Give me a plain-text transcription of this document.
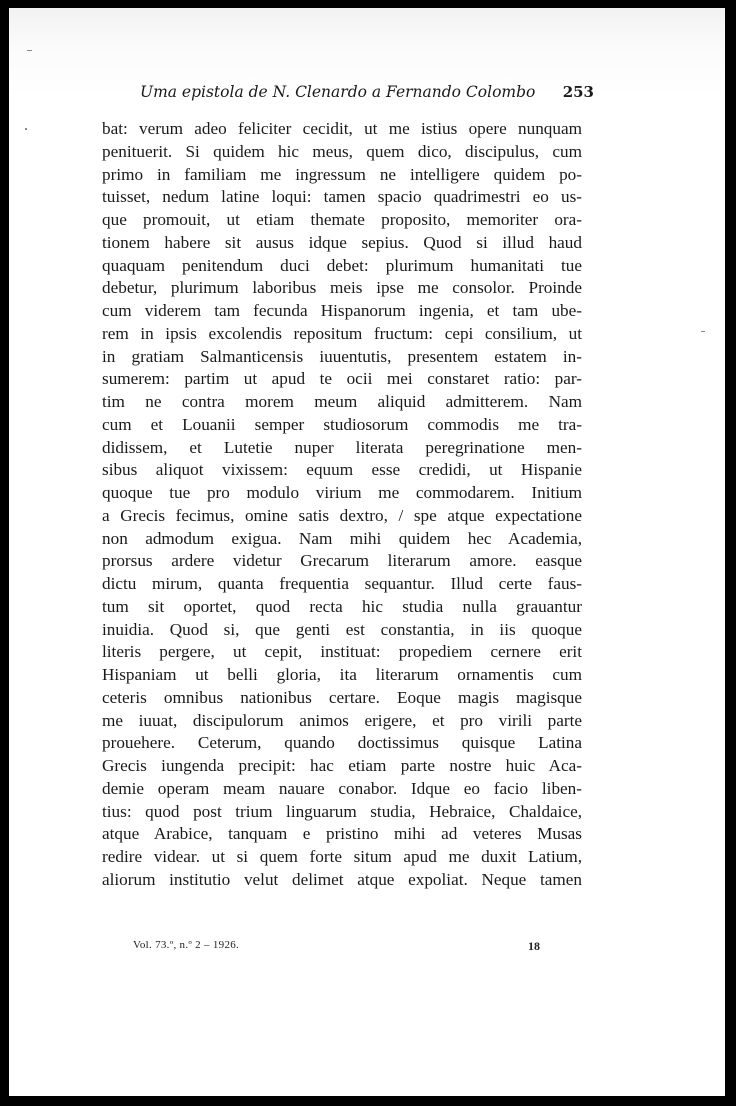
Uma epistola de N. Clenardo a Fernando Colombo 253
bat: verum adeo feliciter cecidit, ut me istius opere nunquam
penituerit. Si quidem hic meus, quem dico, discipulus, cum
primo in familiam me ingressum ne intelligere quidem po-
tuisset, nedum latine loqui: tamen spacio quadrimestri eo us-
que promouit, ut etiam themate proposito, memoriter ora-
tionem habere sit ausus idque sepius. Quod si illud haud
quaquam penitendum duci debet: plurimum humanitati tue
debetur, plurimum laboribus meis ipse me consolor. Proinde
cum viderem tam fecunda Hispanorum ingenia, et tam ube-
rem in ipsis excolendis repositum fructum: cepi consilium, ut
in gratiam Salmanticensis iuuentutis, presentem estatem in-
sumerem: partim ut apud te ocii mei constaret ratio: par-
tim ne contra morem meum aliquid admitterem. Nam
cum et Louanii semper studiosorum commodis me tra-
didissem, et Lutetie nuper literata peregrinatione men-
sibus aliquot vixissem: equum esse credidi, ut Hispanie
quoque tue pro modulo virium me commodarem. Initium
a Grecis fecimus, omine satis dextro, / spe atque expectatione
non admodum exigua. Nam mihi quidem hec Academia,
prorsus ardere videtur Grecarum literarum amore. easque
dictu mirum, quanta frequentia sequantur. Illud certe faus-
tum sit oportet, quod recta hic studia nulla grauantur
inuidia. Quod si, que genti est constantia, in iis quoque
literis pergere, ut cepit, instituat: propediem cernere erit
Hispaniam ut belli gloria, ita literarum ornamentis cum
ceteris omnibus nationibus certare. Eoque magis magisque
me iuuat, discipulorum animos erigere, et pro virili parte
prouehere. Ceterum, quando doctissimus quisque Latina
Grecis iungenda precipit: hac etiam parte nostre huic Aca-
demie operam meam nauare conabor. Idque eo facio liben-
tius: quod post trium linguarum studia, Hebraice, Chaldaice,
atque Arabice, tanquam e pristino mihi ad veteres Musas
redire videar. ut si quem forte situm apud me duxit Latium,
aliorum institutio velut delimet atque expoliat. Neque tamen
Vol. 73.º, n.º 2 – 1926.	18
